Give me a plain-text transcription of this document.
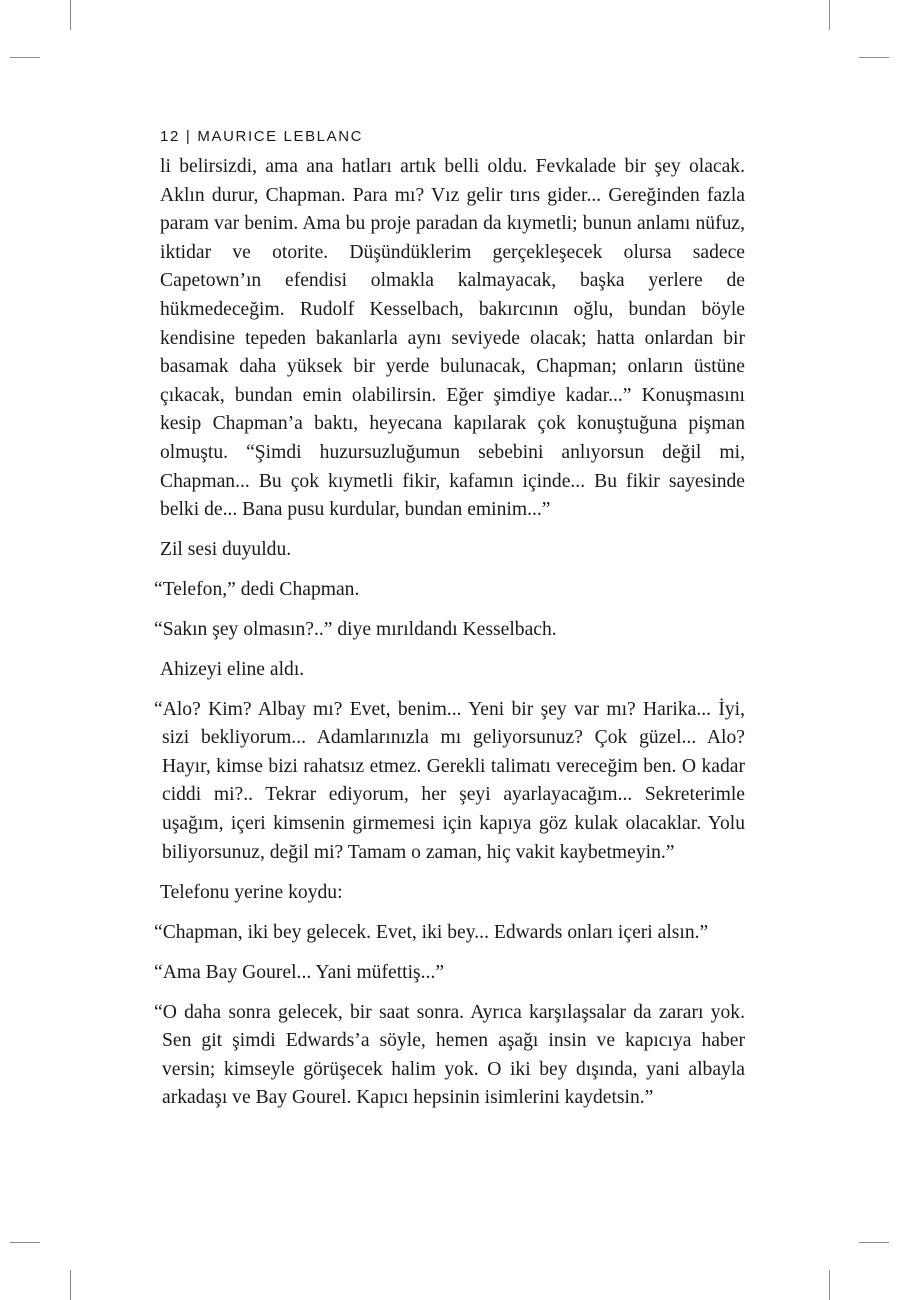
12 | MAURICE LEBLANC

li belirsizdi, ama ana hatları artık belli oldu. Fevkalade bir şey olacak. Aklın durur, Chapman. Para mı? Vız gelir tırıs gider... Gereğinden fazla param var benim. Ama bu proje paradan da kıymetli; bunun anlamı nüfuz, iktidar ve otorite. Düşündüklerim gerçekleşecek olursa sadece Capetown’ın efendisi olmakla kalmayacak, başka yerlere de hükmedeceğim. Rudolf Kesselbach, bakırcının oğlu, bundan böyle kendisine tepeden bakanlarla aynı seviyede olacak; hatta onlardan bir basamak daha yüksek bir yerde bulunacak, Chapman; onların üstüne çıkacak, bundan emin olabilirsin. Eğer şimdiye kadar...” Konuşmasını kesip Chapman’a baktı, heyecana kapılarak çok konuştuğuna pişman olmuştu. “Şimdi huzursuzluğumun sebebini anlıyorsun değil mi, Chapman... Bu çok kıymetli fikir, kafamın içinde... Bu fikir sayesinde belki de... Bana pusu kurdular, bundan eminim...”

Zil sesi duyuldu.

“Telefon,” dedi Chapman.

“Sakın şey olmasın?..” diye mırıldandı Kesselbach.

Ahizeyi eline aldı.

“Alo? Kim? Albay mı? Evet, benim... Yeni bir şey var mı? Harika... İyi, sizi bekliyorum... Adamlarınızla mı geliyorsunuz? Çok güzel... Alo? Hayır, kimse bizi rahatsız etmez. Gerekli talimatı vereceğim ben. O kadar ciddi mi?.. Tekrar ediyorum, her şeyi ayarlayacağım... Sekreterimle uşağım, içeri kimsenin girmemesi için kapıya göz kulak olacaklar. Yolu biliyorsunuz, değil mi? Tamam o zaman, hiç vakit kaybetmeyin.”

Telefonu yerine koydu:

“Chapman, iki bey gelecek. Evet, iki bey... Edwards onları içeri alsın.”

“Ama Bay Gourel... Yani müfettiş...”

“O daha sonra gelecek, bir saat sonra. Ayrıca karşılaşsalar da zararı yok. Sen git şimdi Edwards’a söyle, hemen aşağı insin ve kapıcıya haber versin; kimseyle görüşecek halim yok. O iki bey dışında, yani albayla arkadaşı ve Bay Gourel. Kapıcı hepsinin isimlerini kaydetsin.”
